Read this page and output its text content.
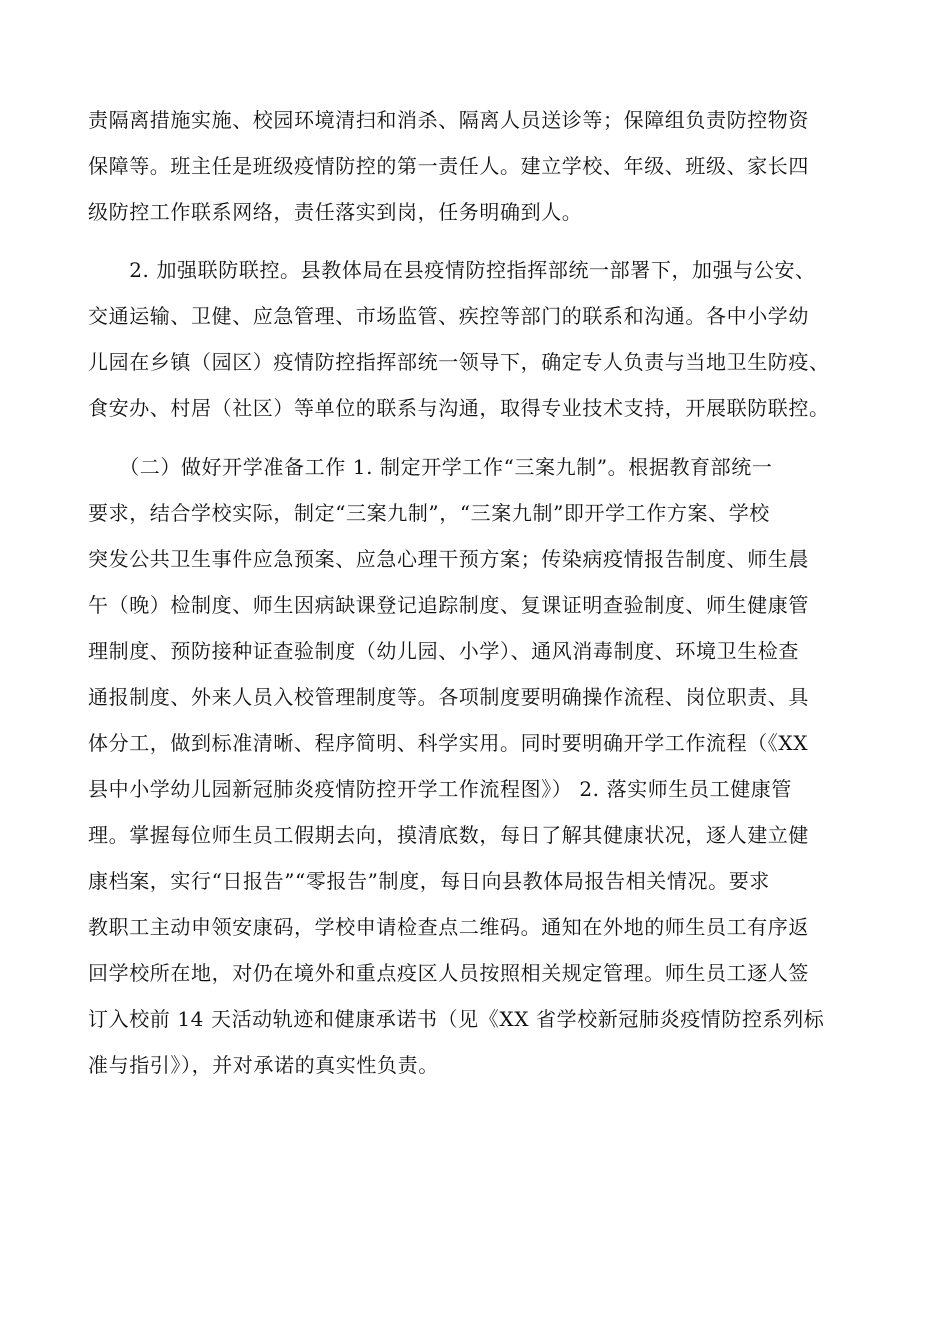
责隔离措施实施、校园环境清扫和消杀、隔离人员送诊等；保障组负责防控物资
保障等。班主任是班级疫情防控的第一责任人。建立学校、年级、班级、家长四
级防控工作联系网络，责任落实到岗，任务明确到人。
　　2. 加强联防联控。县教体局在县疫情防控指挥部统一部署下，加强与公安、
交通运输、卫健、应急管理、市场监管、疾控等部门的联系和沟通。各中小学幼
儿园在乡镇（园区）疫情防控指挥部统一领导下，确定专人负责与当地卫生防疫、
食安办、村居（社区）等单位的联系与沟通，取得专业技术支持，开展联防联控。
　　（二）做好开学准备工作 1. 制定开学工作“三案九制”。根据教育部统一
要求，结合学校实际，制定“三案九制”，“三案九制”即开学工作方案、学校
突发公共卫生事件应急预案、应急心理干预方案；传染病疫情报告制度、师生晨
午（晚）检制度、师生因病缺课登记追踪制度、复课证明查验制度、师生健康管
理制度、预防接种证查验制度（幼儿园、小学）、通风消毒制度、环境卫生检查
通报制度、外来人员入校管理制度等。各项制度要明确操作流程、岗位职责、具
体分工，做到标准清晰、程序简明、科学实用。同时要明确开学工作流程（《XX
县中小学幼儿园新冠肺炎疫情防控开学工作流程图》） 2. 落实师生员工健康管
理。掌握每位师生员工假期去向，摸清底数，每日了解其健康状况，逐人建立健
康档案，实行“日报告”“零报告”制度，每日向县教体局报告相关情况。要求
教职工主动申领安康码，学校申请检查点二维码。通知在外地的师生员工有序返
回学校所在地，对仍在境外和重点疫区人员按照相关规定管理。师生员工逐人签
订入校前 14 天活动轨迹和健康承诺书（见《XX 省学校新冠肺炎疫情防控系列标
准与指引》），并对承诺的真实性负责。
